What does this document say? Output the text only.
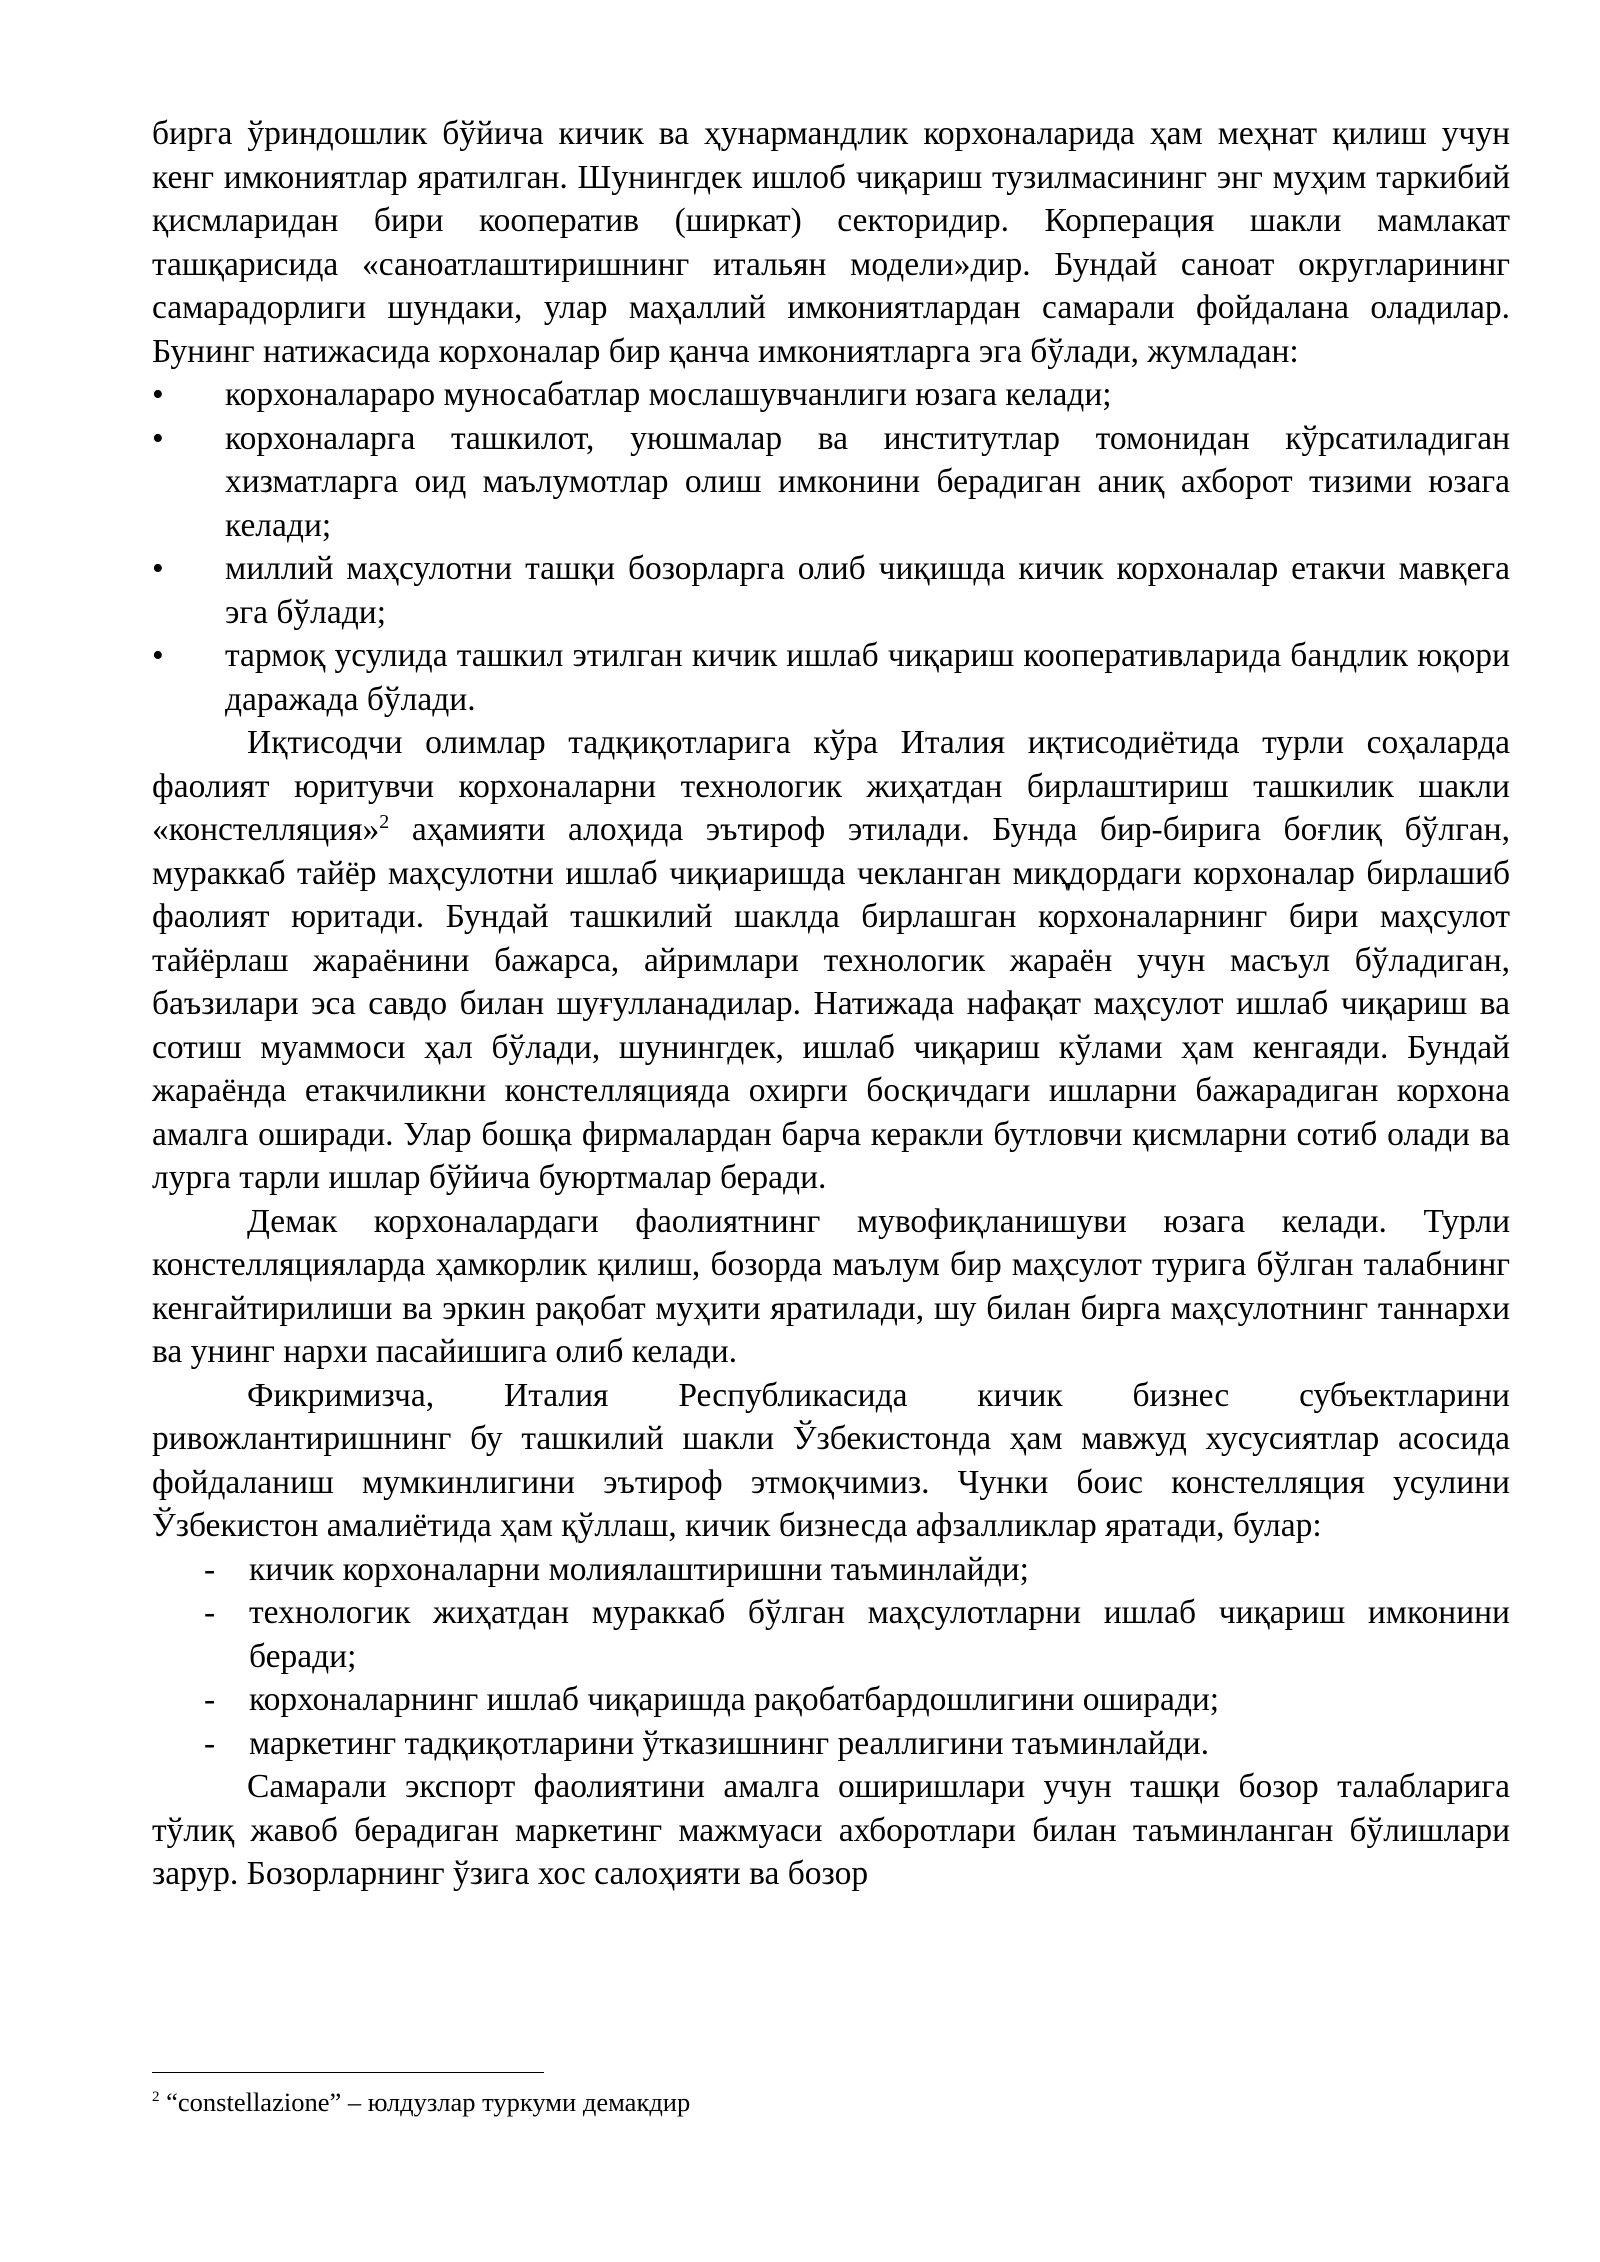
бирга ўриндошлик бўйича кичик ва ҳунармандлик корхоналарида ҳам меҳнат қилиш учун кенг имкониятлар яратилган. Шунингдек ишлоб чиқариш тузилмасининг энг муҳим таркибий қисмларидан бири кооператив (ширкат) секторидир. Корперация шакли мамлакат ташқарисида «саноатлаштиришнинг итальян модели»дир. Бундай саноат округларининг самарадорлиги шундаки, улар маҳаллий имкониятлардан самарали фойдалана оладилар. Бунинг натижасида корхоналар бир қанча имкониятларга эга бўлади, жумладан:

• корхоналараро муносабатлар мослашувчанлиги юзага келади;
• корхоналарга ташкилот, уюшмалар ва институтлар томонидан кўрсатиладиган хизматларга оид маълумотлар олиш имконини берадиган аниқ ахборот тизими юзага келади;
• миллий маҳсулотни ташқи бозорларга олиб чиқишда кичик корхоналар етакчи мавқега эга бўлади;
• тармоқ усулида ташкил этилган кичик ишлаб чиқариш кооперативларида бандлик юқори даражада бўлади.

Иқтисодчи олимлар тадқиқотларига кўра Италия иқтисодиётида турли соҳаларда фаолият юритувчи корхоналарни технологик жиҳатдан бирлаштириш ташкилик шакли «констелляция»$^2$ аҳамияти алоҳида эътироф этилади. Бунда бир-бирига боғлиқ бўлган, мураккаб тайёр маҳсулотни ишлаб чиқиаришда чекланган миқдордаги корхоналар бирлашиб фаолият юритади. Бундай ташкилий шаклда бирлашган корхоналарнинг бири маҳсулот тайёрлаш жараёнини бажарса, айримлари технологик жараён учун масъул бўладиган, баъзилари эса савдо билан шуғулланадилар. Натижада нафақат маҳсулот ишлаб чиқариш ва сотиш муаммоси ҳал бўлади, шунингдек, ишлаб чиқариш кўлами ҳам кенгаяди. Бундай жараёнда етакчиликни констелляцияда охирги босқичдаги ишларни бажарадиган корхона амалга оширади. Улар бошқа фирмалардан барча керакли бутловчи қисмларни сотиб олади ва лурга тарли ишлар бўйича буюртмалар беради.

Демак корхоналардаги фаолиятнинг мувофиқланишуви юзага келади. Турли констелляцияларда ҳамкорлик қилиш, бозорда маълум бир маҳсулот турига бўлган талабнинг кенгайтирилиши ва эркин рақобат муҳити яратилади, шу билан бирга маҳсулотнинг таннархи ва унинг нархи пасайишига олиб келади.

Фикримизча, Италия Республикасида кичик бизнес субъектларини ривожлантиришнинг бу ташкилий шакли Ўзбекистонда ҳам мавжуд хусусиятлар асосида фойдаланиш мумкинлигини эътироф этмоқчимиз. Чунки боис констелляция усулини Ўзбекистон амалиётида ҳам қўллаш, кичик бизнесда афзалликлар яратади, булар:

- кичик корхоналарни молиялаштиришни таъминлайди;
- технологик жиҳатдан мураккаб бўлган маҳсулотларни ишлаб чиқариш имконини беради;
- корхоналарнинг ишлаб чиқаришда рақобатбардошлигини оширади;
- маркетинг тадқиқотларини ўтказишнинг реаллигини таъминлайди.

Самарали экспорт фаолиятини амалга оширишлари учун ташқи бозор талабларига тўлиқ жавоб берадиган маркетинг мажмуаси ахборотлари билан таъминланган бўлишлари зарур. Бозорларнинг ўзига хос салоҳияти ва бозор

$^2$ “constellazione” – юлдузлар туркуми демакдир
